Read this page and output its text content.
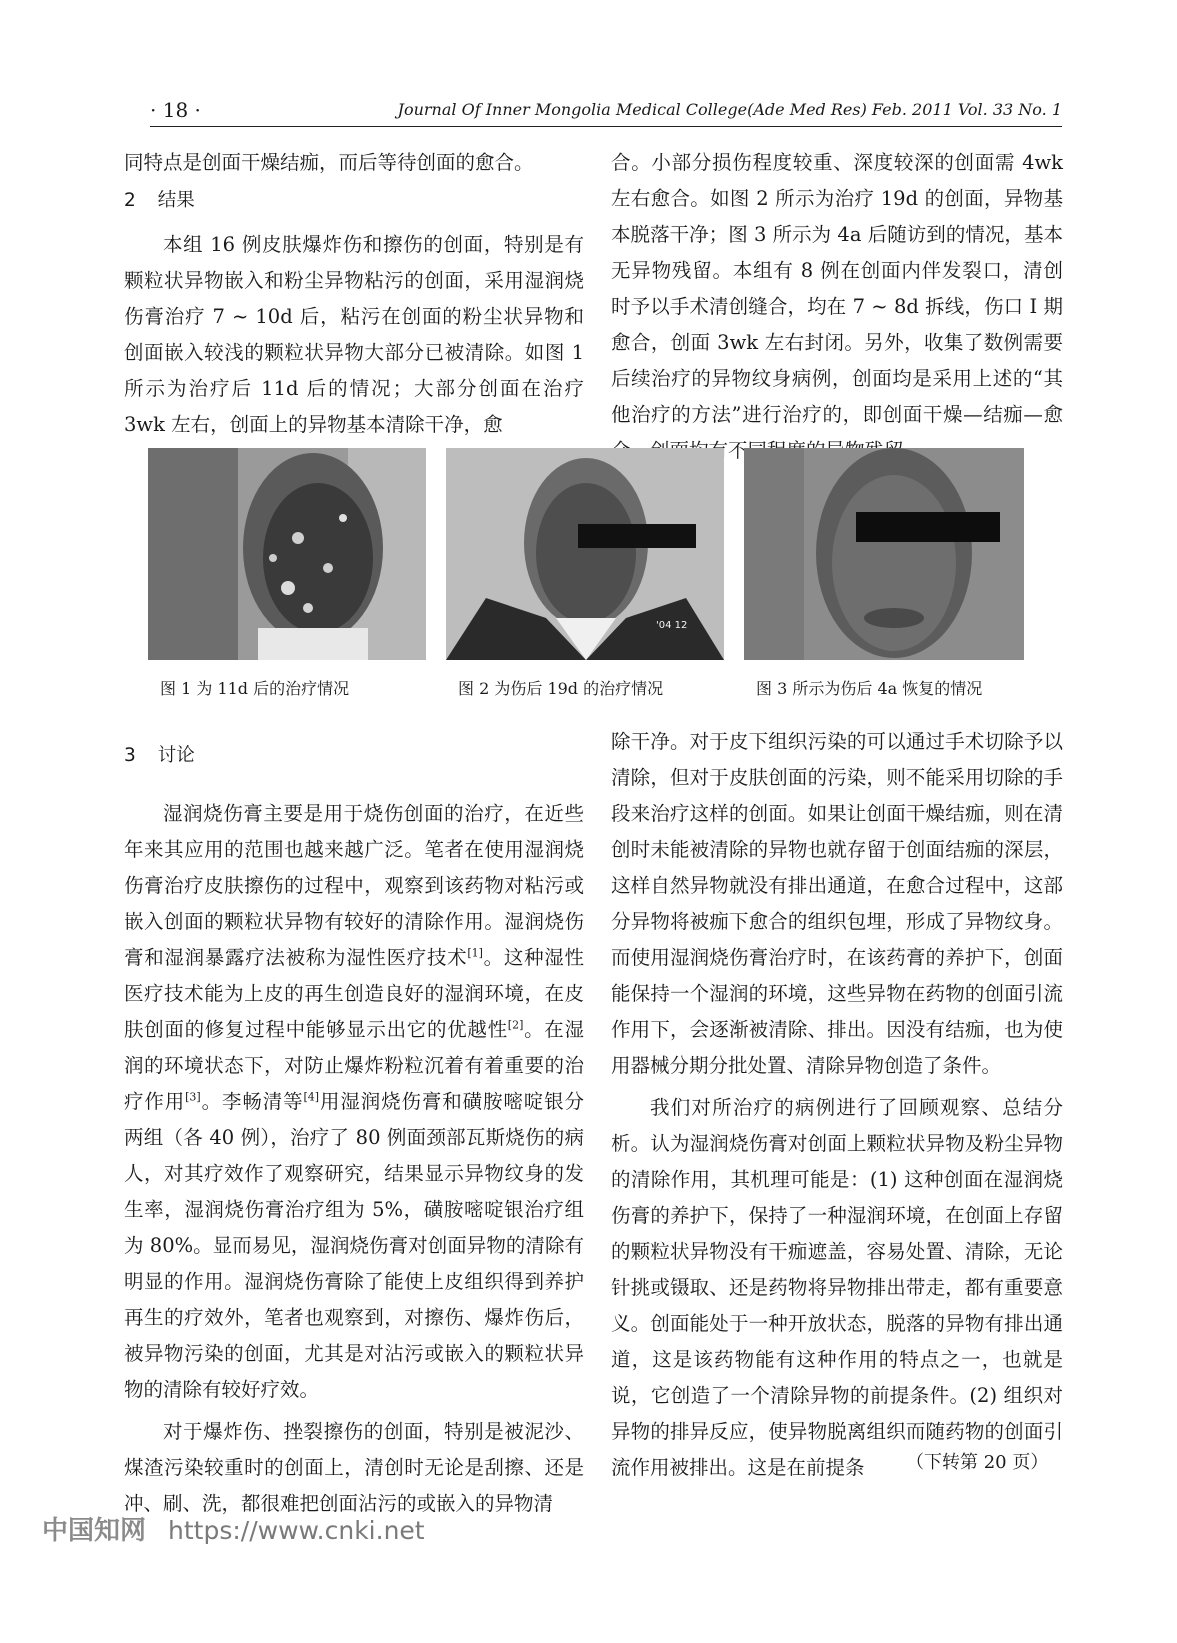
· 18 ·	Journal Of Inner Mongolia Medical College(Ade Med Res) Feb. 2011 Vol. 33 No. 1

同特点是创面干燥结痂，而后等待创面的愈合。

2 结果

本组 16 例皮肤爆炸伤和擦伤的创面，特别是有颗粒状异物嵌入和粉尘异物粘污的创面，采用湿润烧伤膏治疗 7 ~ 10d 后，粘污在创面的粉尘状异物和创面嵌入较浅的颗粒状异物大部分已被清除。如图 1 所示为治疗后 11d 后的情况；大部分创面在治疗 3wk 左右，创面上的异物基本清除干净，愈

合。小部分损伤程度较重、深度较深的创面需 4wk 左右愈合。如图 2 所示为治疗 19d 的创面，异物基本脱落干净；图 3 所示为 4a 后随访到的情况，基本无异物残留。本组有 8 例在创面内伴发裂口，清创时予以手术清创缝合，均在 7 ~ 8d 拆线，伤口 I 期愈合，创面 3wk 左右封闭。另外，收集了数例需要后续治疗的异物纹身病例，创面均是采用上述的“其他治疗的方法”进行治疗的，即创面干燥—结痂—愈 不

'04 12
图 1 为 11d 后的治疗情况	图 2 为伤后 19d 的治疗情况	图 3 所示为伤后 4a 恢复的情况

3 讨论

湿润烧伤膏主要是用于烧伤创面的治疗，在近些年来其应用的范围也越来越广泛。笔者在使用湿润烧伤膏治疗皮肤擦伤的过程中，观察到该药物对粘污或嵌入创面的颗粒状异物有较好的清除作用。湿润烧伤膏和湿润暴露疗法被称为湿性医疗技术[1]。这种湿性医疗技术能为上皮的再生创造良好的湿润环境，在皮肤创面的修复过程中能够显示出它的优越性[2]。在湿润的环境状态下，对防止爆炸粉粒沉着有着重要的治疗作用[3]。李畅清等[4]用湿润烧伤膏和磺胺嘧啶银分两组（各 40 例），治疗了 80 例面颈部瓦斯烧伤的病人，对其疗效作了观察研究，结果显示异物纹身的发生率，湿润烧伤膏治疗组为 5%，磺胺嘧啶银治疗组为 80%。显而易见，湿润烧伤膏对创面异物的清除有明显的作用。湿润烧伤膏除了能使上皮组织得到养护再生的疗效外，笔者也观察到，对擦伤、爆炸伤后，被异物污染的创面，尤其是对沾污或嵌入的颗粒状异物的清除有较好疗效。

对于爆炸伤、挫裂擦伤的创面，特别是被泥沙、煤渣污染较重时的创面上，清创时无论是刮擦、还是冲、刷、洗，都很难把创面沾污的或嵌入的异物清

除干净。对于皮下组织污染的可以通过手术切除予以清除，但对于皮肤创面的污染，则不能采用切除的手段来治疗这样的创面。如果让创面干燥结痂，则在清创时未能被清除的异物也就存留于创面结痂的深层，这样自然异物就没有排出通道，在愈合过程中，这部分异物将被痂下愈合的组织包埋，形成了异物纹身。而使用湿润烧伤膏治疗时，在该药膏的养护下，创面能保持一个湿润的环境，这些异物在药物的创面引流作用下，会逐渐被清除、排出。因没有结痂，也为使用器械分期分批处置、清除异物创造了条件。

我们对所治疗的病例进行了回顾观察、总结分析。认为湿润烧伤膏对创面上颗粒状异物及粉尘异物的清除作用，其机理可能是：(1) 这种创面在湿润烧伤膏的养护下，保持了一种湿润环境，在创面上存留的颗粒状异物没有干痂遮盖，容易处置、清除，无论针挑或镊取、还是药物将异物排出带走，都有重要意义。创面能处于一种开放状态，脱落的异物有排出通道，这是该药物能有这种作用的特点之一，也就是说，它创造了一个清除异物的前提条件。(2) 组织对异物的排异反应，使异物脱离组织而随药物的创面引流作用被排出。这是在前提条	（下转第 20 页）
中国知网 https://www.cnki.net
